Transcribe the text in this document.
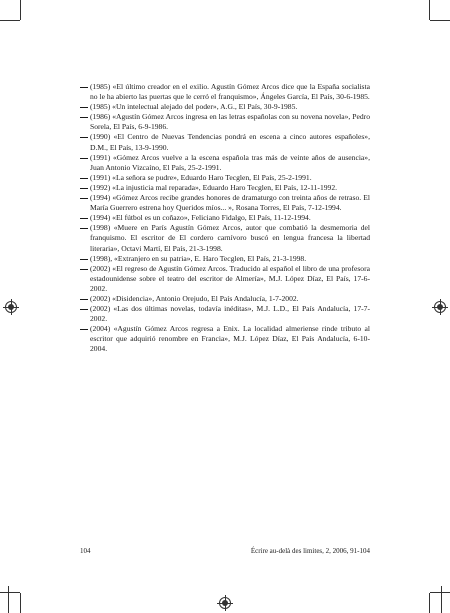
(1985) «El último creador en el exilio. Agustín Gómez Arcos dice que la España socialista no le ha abierto las puertas que le cerró el franquismo», Ángeles García, El País, 30-6-1985.
(1985) «Un intelectual alejado del poder», A.G., El País, 30-9-1985.
(1986) «Agustín Gómez Arcos ingresa en las letras españolas con su novena novela», Pedro Sorela, El País, 6-9-1986.
(1990) «El Centro de Nuevas Tendencias pondrá en escena a cinco autores españoles», D.M., El País, 13-9-1990.
(1991) «Gómez Arcos vuelve a la escena española tras más de veinte años de ausencia», Juan Antonio Vizcaíno, El País, 25-2-1991.
(1991) «La señora se pudre», Eduardo Haro Tecglen, El País, 25-2-1991.
(1992) «La injusticia mal reparada», Eduardo Haro Tecglen, El País, 12-11-1992.
(1994) «Gómez Arcos recibe grandes honores de dramaturgo con treinta años de retraso. El María Guerrero estrena hoy Queridos míos... », Rosana Torres, El País, 7-12-1994.
(1994) «El fútbol es un coñazo», Feliciano Fidalgo, El País, 11-12-1994.
(1998) «Muere en París Agustín Gómez Arcos, autor que combatió la desmemoria del franquismo. El escritor de El cordero carnívoro buscó en lengua francesa la libertad literaria», Octavi Martí, El País, 21-3-1998.
(1998), «Extranjero en su patria», E. Haro Tecglen, El País, 21-3-1998.
(2002) «El regreso de Agustín Gómez Arcos. Traducido al español el libro de una profesora estadounidense sobre el teatro del escritor de Almería», M.J. López Díaz, El País, 17-6-2002.
(2002) «Disidencia», Antonio Orejudo, El País Andalucía, 1-7-2002.
(2002) «Las dos últimas novelas, todavía inéditas», M.J. L.D., El País Andalucía, 17-7-2002.
(2004) «Agustín Gómez Arcos regresa a Enix. La localidad almeriense rinde tributo al escritor que adquirió renombre en Francia», M.J. López Díaz, El País Andalucía, 6-10-2004.
104	Écrire au-delà des limites, 2, 2006, 91-104
